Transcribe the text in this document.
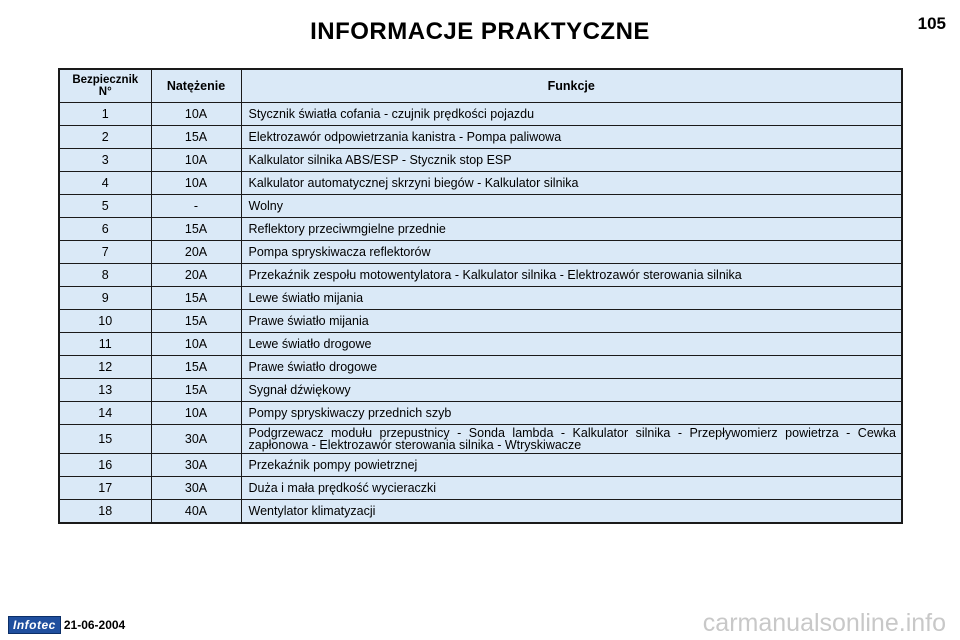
INFORMACJE PRAKTYCZNE	105
Bezpiecznik
N°	Natężenie	Funkcje
1	10A	Stycznik światła cofania - czujnik prędkości pojazdu
2	15A	Elektrozawór odpowietrzania kanistra - Pompa paliwowa
3	10A	Kalkulator silnika ABS/ESP - Stycznik stop ESP
4	10A	Kalkulator automatycznej skrzyni biegów - Kalkulator silnika
5	-	Wolny
6	15A	Reflektory przeciwmgielne przednie
7	20A	Pompa spryskiwacza reflektorów
8	20A	Przekaźnik zespołu motowentylatora - Kalkulator silnika - Elektrozawór sterowania silnika
9	15A	Lewe światło mijania
10	15A	Prawe światło mijania
11	10A	Lewe światło drogowe
12	15A	Prawe światło drogowe
13	15A	Sygnał dźwiękowy
14	10A	Pompy spryskiwaczy przednich szyb
15	30A	Podgrzewacz modułu przepustnicy - Sonda lambda - Kalkulator silnika - Przepływomierz powietrza - Cewka zapłonowa - Elektrozawór sterowania silnika - Wtryskiwacze
16	30A	Przekaźnik pompy powietrznej
17	30A	Duża i mała prędkość wycieraczki
18	40A	Wentylator klimatyzacji
Infotec 21-06-2004	carmanualsonline.info
